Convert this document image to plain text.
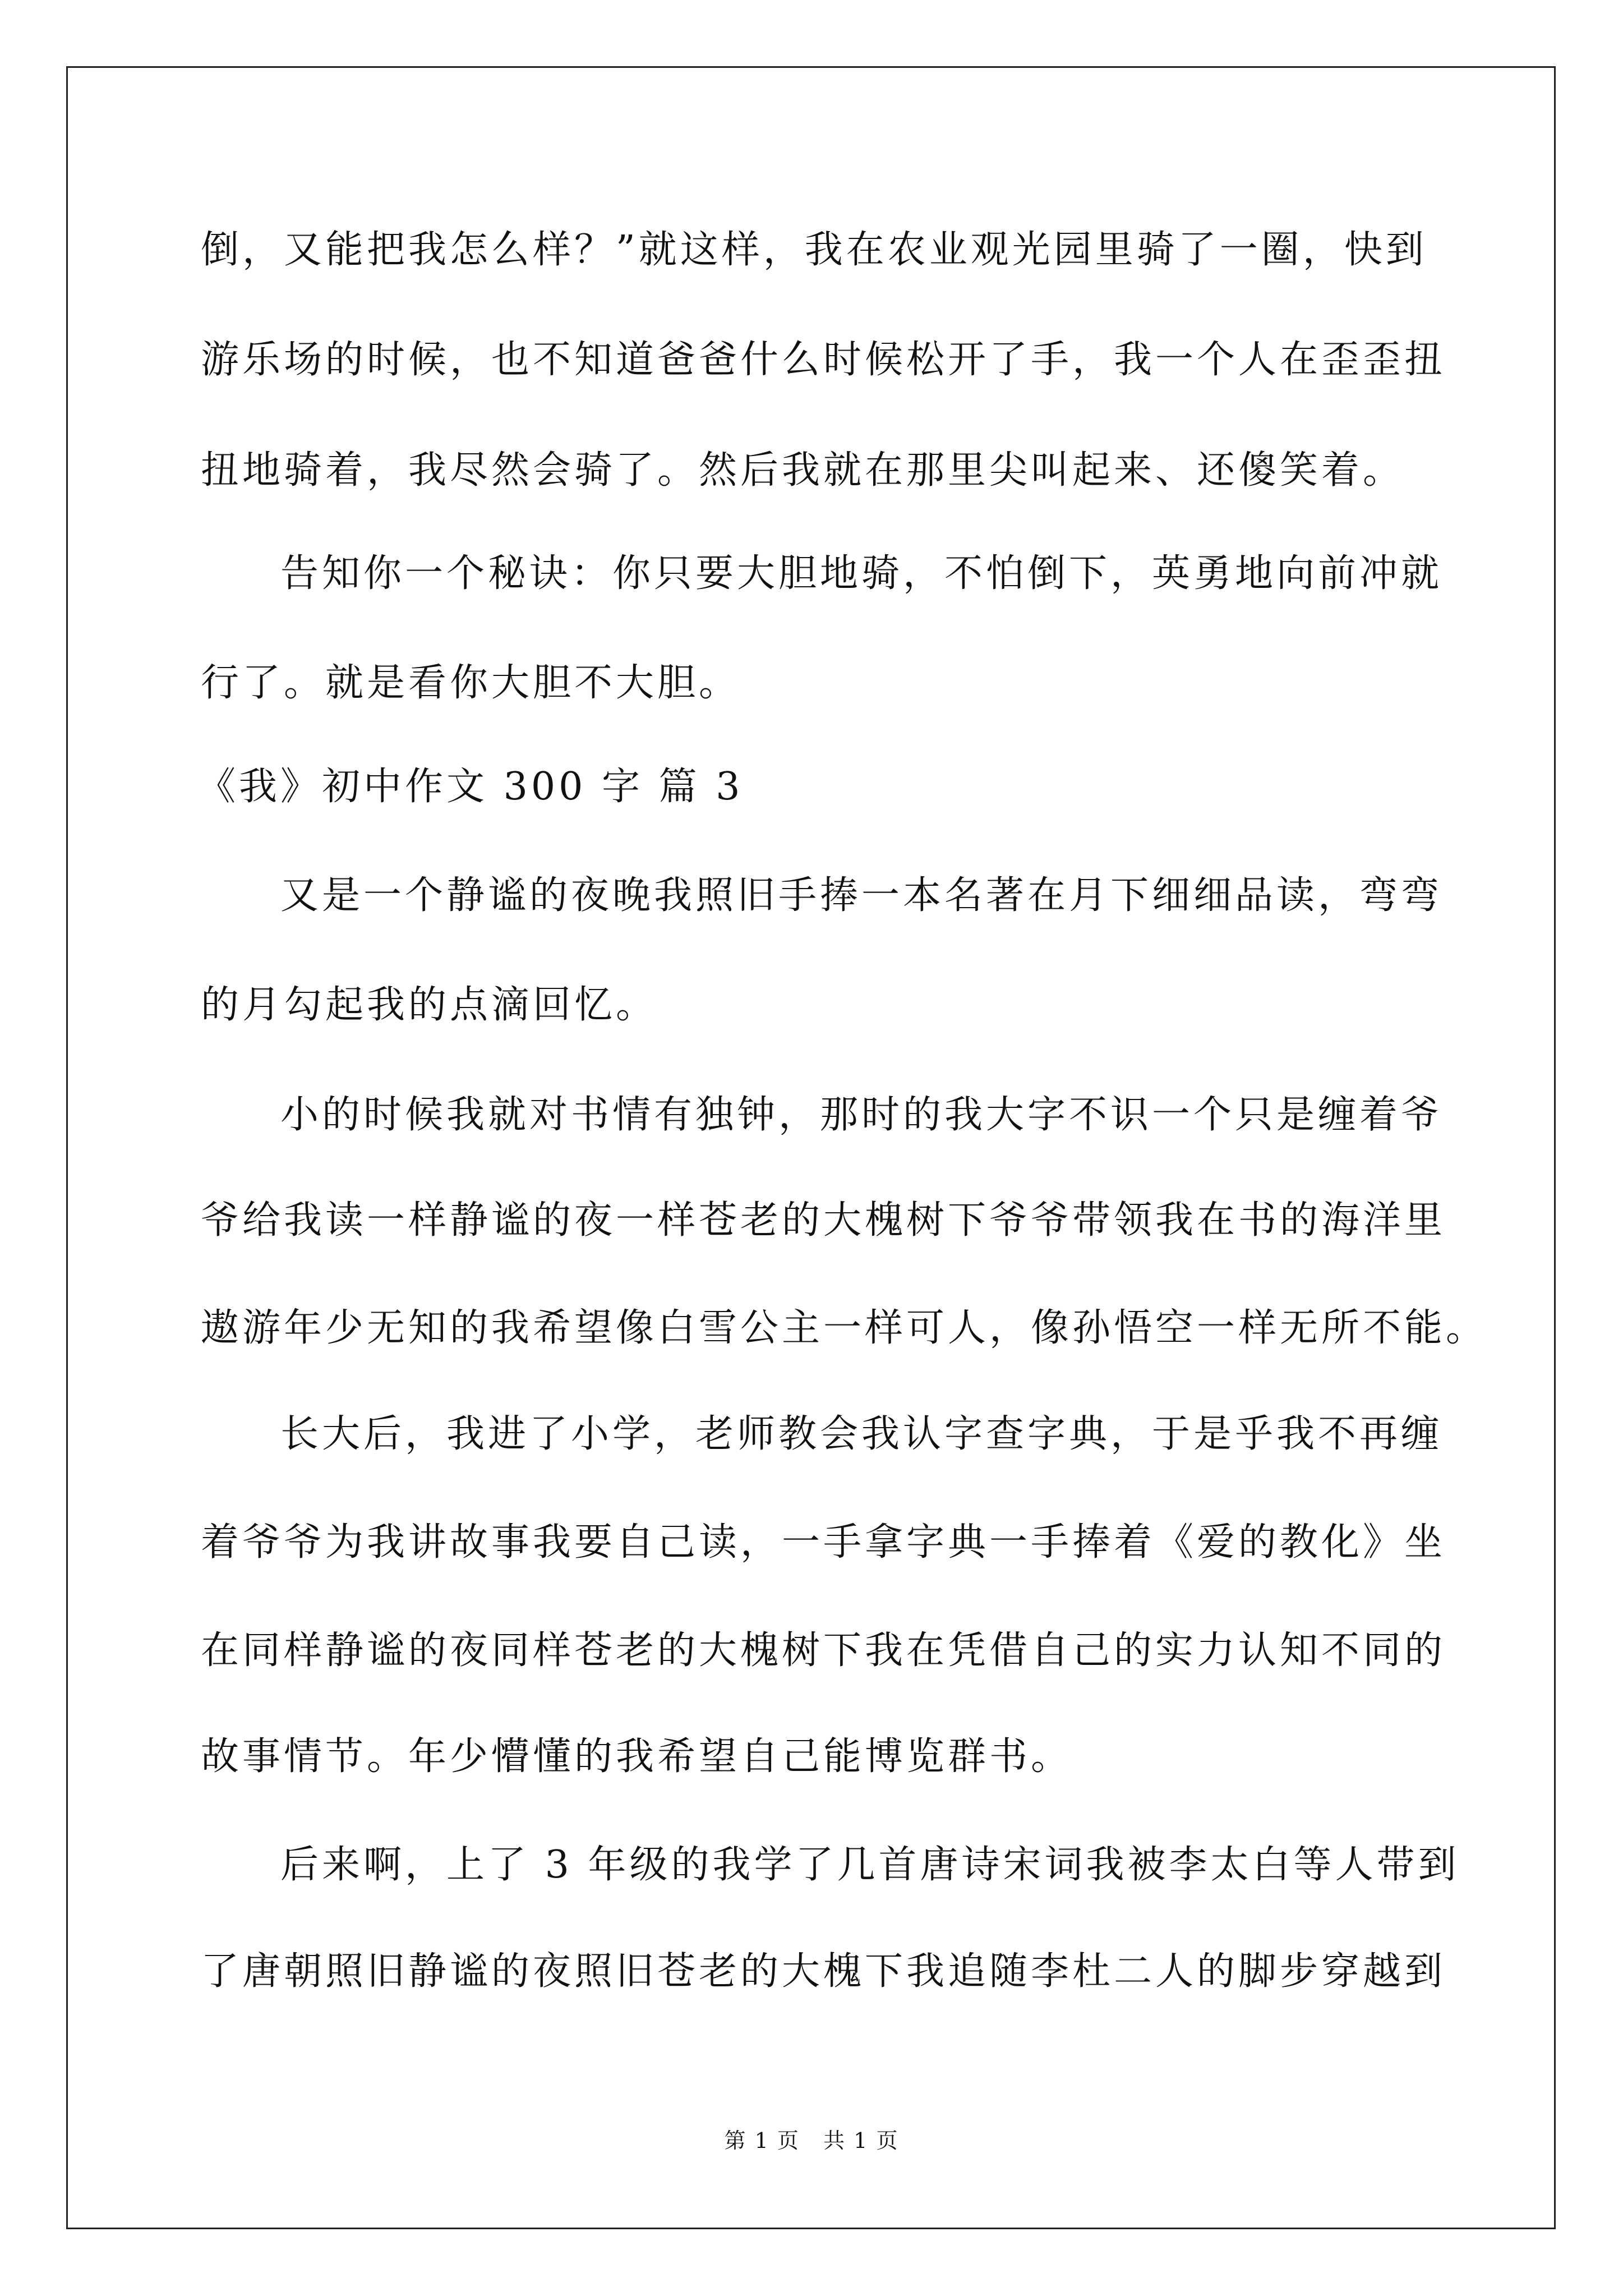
倒，又能把我怎么样？”就这样，我在农业观光园里骑了一圈，快到
游乐场的时候，也不知道爸爸什么时候松开了手，我一个人在歪歪扭
扭地骑着，我尽然会骑了。然后我就在那里尖叫起来、还傻笑着。
告知你一个秘诀：你只要大胆地骑，不怕倒下，英勇地向前冲就
行了。就是看你大胆不大胆。
《我》初中作文 300 字 篇 3
又是一个静谧的夜晚我照旧手捧一本名著在月下细细品读，弯弯
的月勾起我的点滴回忆。
小的时候我就对书情有独钟，那时的我大字不识一个只是缠着爷
爷给我读一样静谧的夜一样苍老的大槐树下爷爷带领我在书的海洋里
遨游年少无知的我希望像白雪公主一样可人，像孙悟空一样无所不能。
长大后，我进了小学，老师教会我认字查字典，于是乎我不再缠
着爷爷为我讲故事我要自己读，一手拿字典一手捧着《爱的教化》坐
在同样静谧的夜同样苍老的大槐树下我在凭借自己的实力认知不同的
故事情节。年少懵懂的我希望自己能博览群书。
后来啊，上了 3 年级的我学了几首唐诗宋词我被李太白等人带到
了唐朝照旧静谧的夜照旧苍老的大槐下我追随李杜二人的脚步穿越到
第 1 页   共 1 页
